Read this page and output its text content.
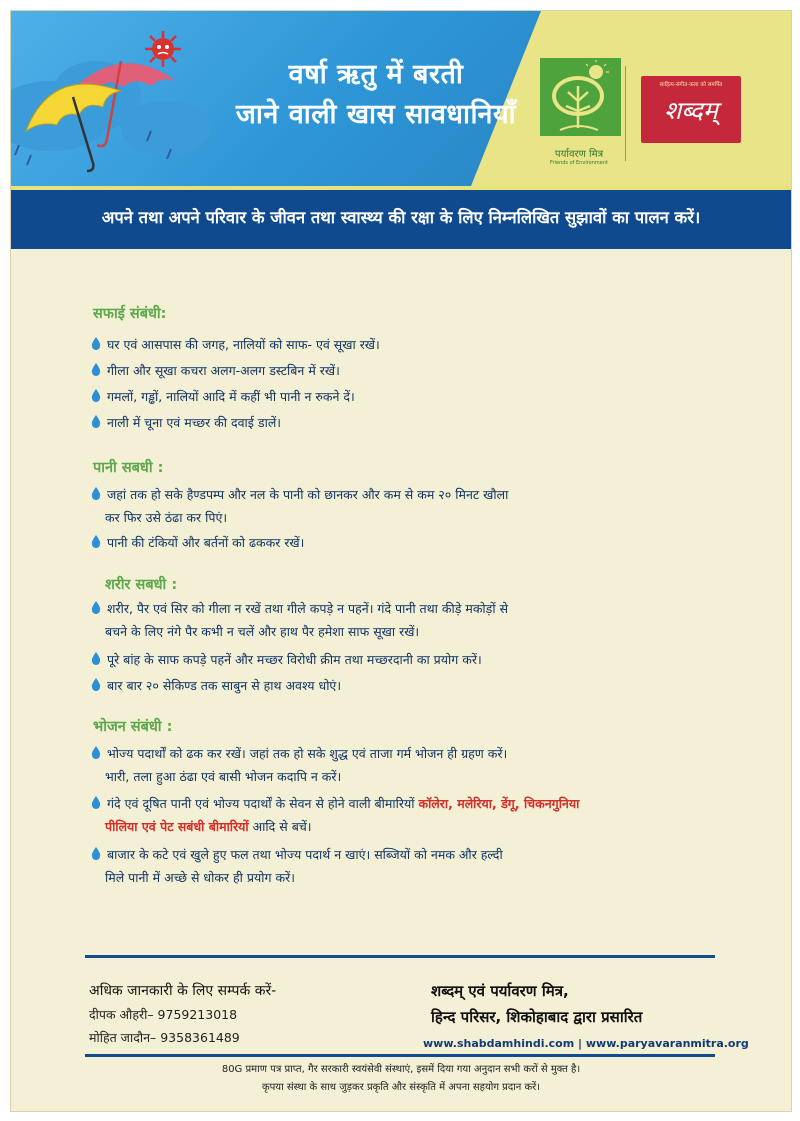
वर्षा ऋतु में बरती
जाने वाली खास सावधानियाँ
पर्यावरण मित्र
Friends of Environment
साहित्य-संगीत-कला को समर्पित
शब्दम्
अपने तथा अपने परिवार के जीवन तथा स्वास्थ्य की रक्षा के लिए निम्नलिखित सुझावों का पालन करें।
सफाई संबंधी:
घर एवं आसपास की जगह, नालियों को साफ- एवं सूखा रखें।
गीला और सूखा कचरा अलग-अलग डस्टबिन में रखें।
गमलों, गड्ढों, नालियों आदि में कहीं भी पानी न रुकने दें।
नाली में चूना एवं मच्छर की दवाई डालें।
पानी सबधी :
जहां तक हो सके हैण्डपम्प और नल के पानी को छानकर और कम से कम २० मिनट खौला
कर फिर उसे ठंढा कर पिएं।
पानी की टंकियों और बर्तनों को ढककर रखें।
शरीर सबधी :
शरीर, पैर एवं सिर को गीला न रखें तथा गीले कपड़े न पहनें। गंदे पानी तथा कीड़े मकोड़ों से
बचने के लिए नंगे पैर कभी न चलें और हाथ पैर हमेशा साफ सूखा रखें।
पूरे बांह के साफ कपड़े पहनें और मच्छर विरोधी क्रीम तथा मच्छरदानी का प्रयोग करें।
बार बार २० सेकिण्ड तक साबुन से हाथ अवश्य धोएं।
भोजन संबंधी :
भोज्य पदार्थों को ढक कर रखें। जहां तक हो सके शुद्ध एवं ताजा गर्म भोजन ही ग्रहण करें।
भारी, तला हुआ ठंढा एवं बासी भोजन कदापि न करें।
गंदे एवं दूषित पानी एवं भोज्य पदार्थों के सेवन से होने वाली बीमारियों कॉलेरा, मलेरिया, डेंगू, चिकनगुनिया
पीलिया एवं पेट सबंधी बीमारियों आदि से बचें।
बाजार के कटे एवं खुले हुए फल तथा भोज्य पदार्थ न खाएं। सब्जियों को नमक और हल्दी
मिले पानी में अच्छे से धोकर ही प्रयोग करें।
अधिक जानकारी के लिए सम्पर्क करें-
दीपक औहरी– 9759213018
मोहित जादौन– 9358361489
शब्दम् एवं पर्यावरण मित्र,
हिन्द परिसर, शिकोहाबाद द्वारा प्रसारित
www.shabdamhindi.com | www.paryavaranmitra.org
80G प्रमाण पत्र प्राप्त, गैर सरकारी स्वयंसेवी संस्थाएं, इसमें दिया गया अनुदान सभी करों से मुक्त है।
कृपया संस्था के साथ जुड़कर प्रकृति और संस्कृति में अपना सहयोग प्रदान करें।
